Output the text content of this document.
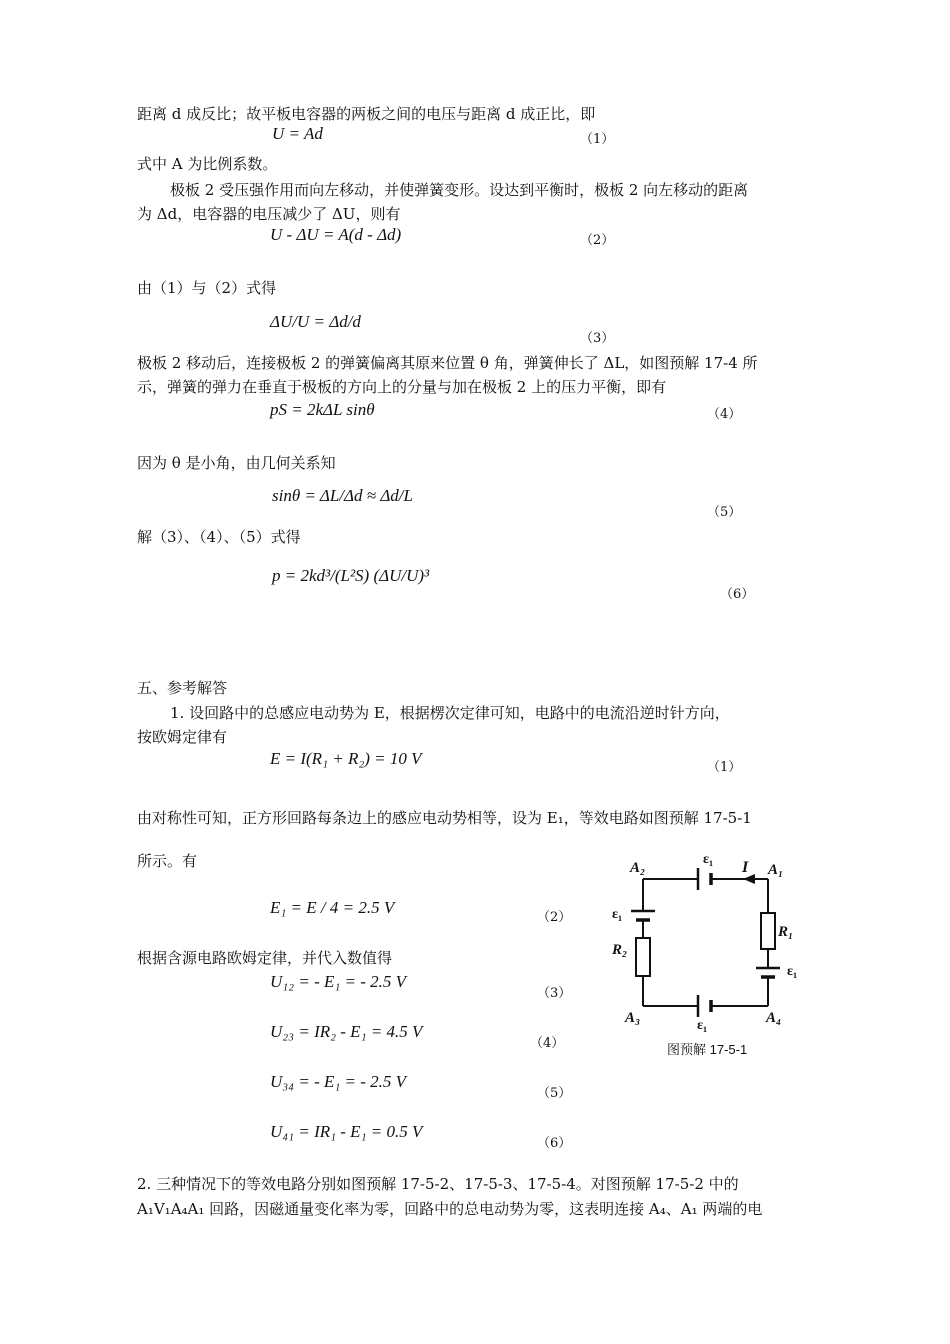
距离 d 成反比；故平板电容器的两板之间的电压与距离 d 成正比，即
U = Ad	（1）
式中 A 为比例系数。
极板 2 受压强作用而向左移动，并使弹簧变形。设达到平衡时，极板 2 向左移动的距离
为 Δd，电容器的电压减少了 ΔU，则有
U - ΔU = A(d - Δd)	（2）
由（1）与（2）式得
ΔU/U = Δd/d
（3）
极板 2 移动后，连接极板 2 的弹簧偏离其原来位置 θ 角，弹簧伸长了 ΔL，如图预解 17-4 所
示，弹簧的弹力在垂直于极板的方向上的分量与加在极板 2 上的压力平衡，即有
pS = 2kΔL sinθ	（4）
因为 θ 是小角，由几何关系知
sinθ = ΔL/Δd ≈ Δd/L
（5）
解（3）、（4）、（5）式得
p = 2kd³/(L²S) (ΔU/U)³
（6）
五、参考解答
1. 设回路中的总感应电动势为 E，根据楞次定律可知，电路中的电流沿逆时针方向，
按欧姆定律有
E = I(R₁ + R₂) = 10 V	（1）
由对称性可知，正方形回路每条边上的感应电动势相等，设为 E₁，等效电路如图预解 17-5-1
所示。有
E₁ = E / 4 = 2.5 V
（2）
根据含源电路欧姆定律，并代入数值得
U₁₂ = - E₁ = - 2.5 V
（3）
U₂₃ = IR₂ - E₁ = 4.5 V
（4）
U₃₄ = - E₁ = - 2.5 V
（5）
U₄₁ = IR₁ - E₁ = 0.5 V
（6）
2. 三种情况下的等效电路分别如图预解 17-5-2、17-5-3、17-5-4。对图预解 17-5-2 中的
A₁V₁A₄A₁ 回路，因磁通量变化率为零，回路中的总电动势为零，这表明连接 A₄、A₁ 两端的电
A₂
ε₁ I A₁
ε₁
R₂
R₁
ε₁
A₃	ε₁	A₄
图预解 17-5-1
